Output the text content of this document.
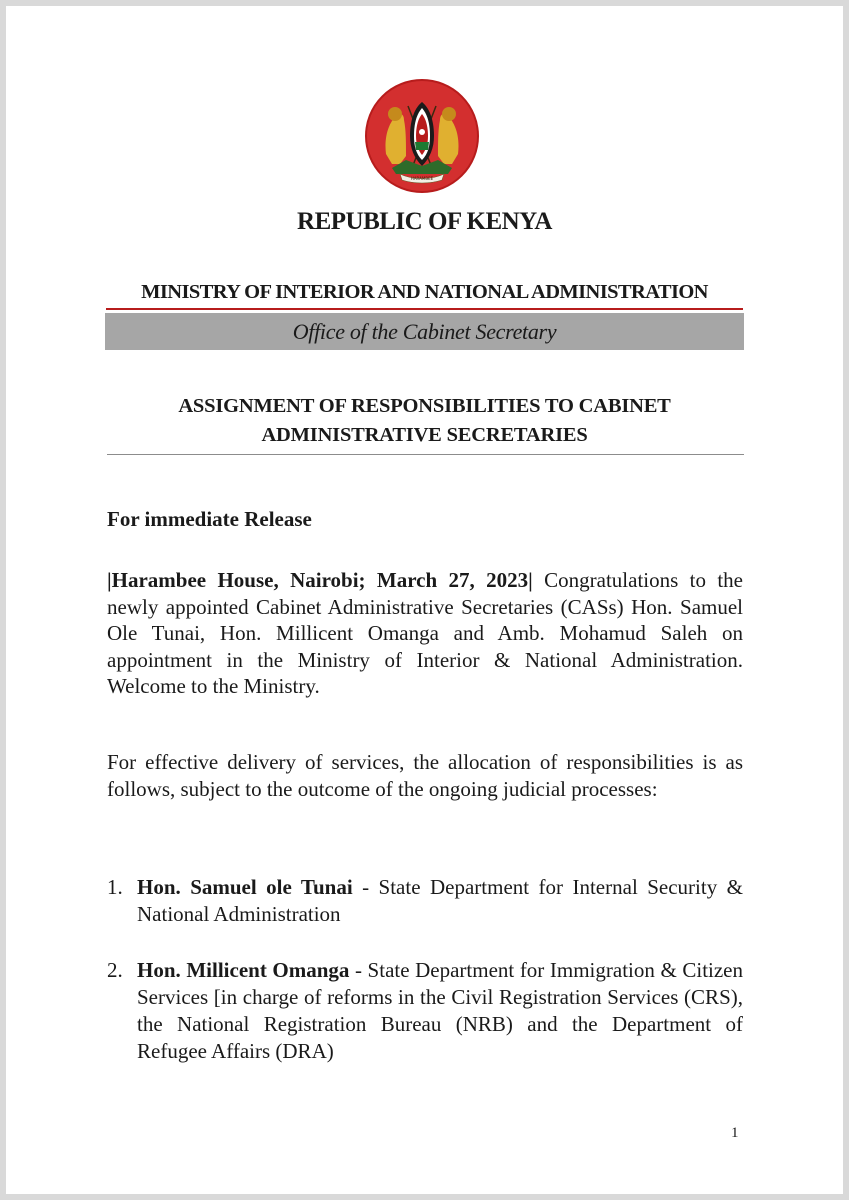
HARAMBEE
REPUBLIC OF KENYA
MINISTRY OF INTERIOR AND NATIONAL ADMINISTRATION
Office of the Cabinet Secretary
ASSIGNMENT OF RESPONSIBILITIES TO CABINET
ADMINISTRATIVE SECRETARIES
For immediate Release

|Harambee House, Nairobi; March 27, 2023| Congratulations to the newly appointed Cabinet Administrative Secretaries (CASs) Hon. Samuel Ole Tunai, Hon. Millicent Omanga and Amb. Mohamud Saleh on appointment in the Ministry of Interior & National Administration. Welcome to the Ministry.

For effective delivery of services, the allocation of responsibilities is as follows, subject to the outcome of the ongoing judicial processes:

1. Hon. Samuel ole Tunai - State Department for Internal Security & National Administration
2. Hon. Millicent Omanga - State Department for Immigration & Citizen Services [in charge of reforms in the Civil Registration Services (CRS), the National Registration Bureau (NRB) and the Department of Refugee Affairs (DRA)
1
